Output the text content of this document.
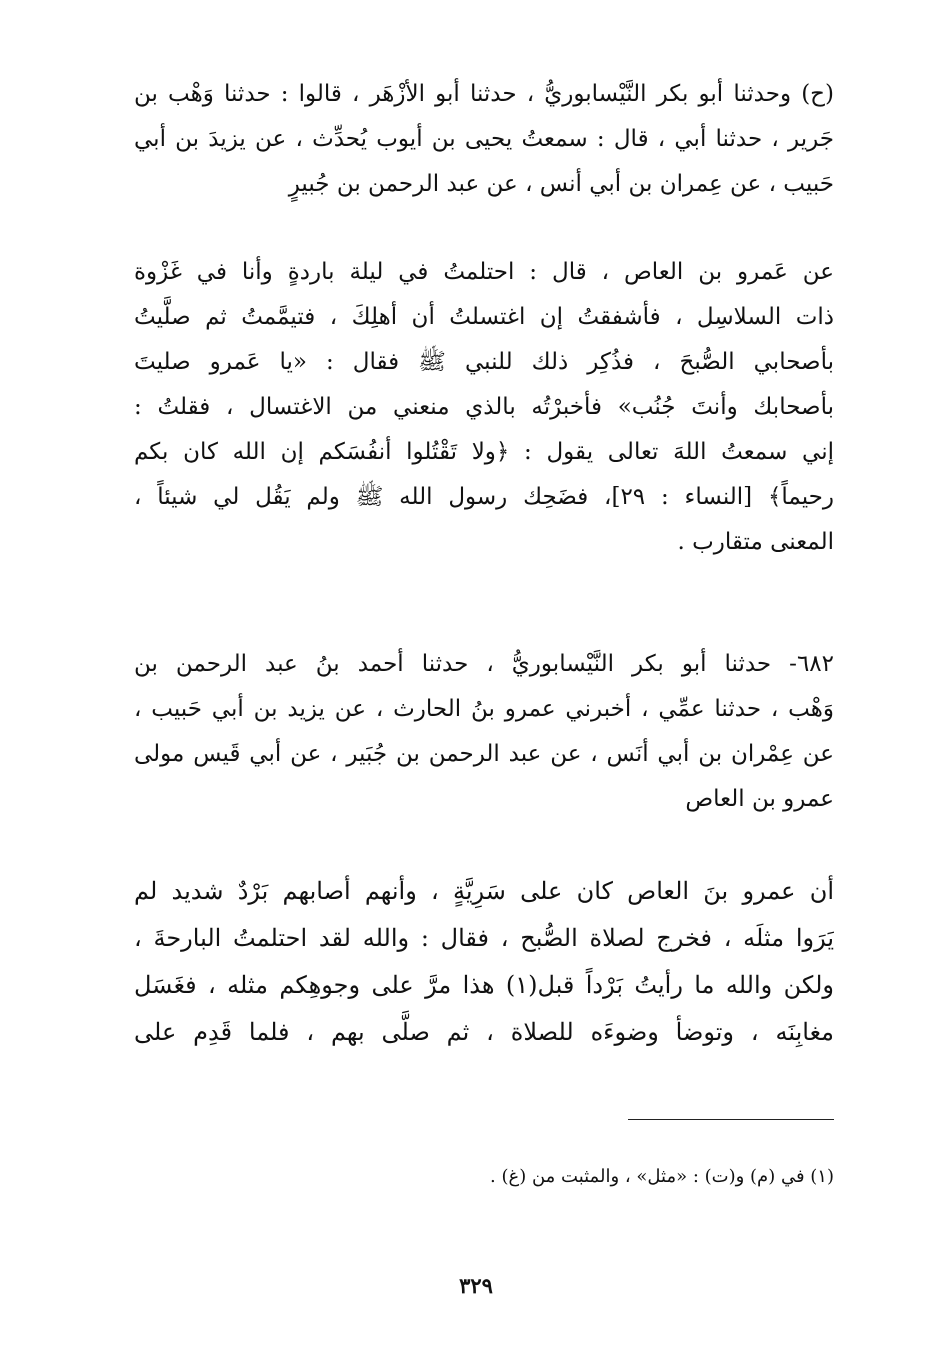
(ح) وحدثنا أبو بكر النَّيْسابوريُّ ، حدثنا أبو الأزْهَر ، قالوا : حدثنا وَهْب بن
جَرير ، حدثنا أبي ، قال : سمعتُ يحيى بن أيوب يُحدِّث ، عن يزيدَ بن أبي
حَبيب ، عن عِمران بن أبي أنس ، عن عبد الرحمن بن جُبيرٍ
عن عَمرو بن العاص ، قال : احتلمتُ في ليلة باردةٍ وأنا في غَزْوة
ذات السلاسِل ، فأشفقتُ إن اغتسلتُ أن أهلِكَ ، فتيمَّمتُ ثم صلَّيتُ
بأصحابي الصُّبحَ ، فذُكِر ذلك للنبي ﷺ فقال : «يا عَمرو صليتَ
بأصحابك وأنتَ جُنُب» فأخبرْتُه بالذي منعني من الاغتسال ، فقلتُ :
إني سمعتُ اللهَ تعالى يقول : ﴿ولا تَقْتُلوا أنفُسَكم إن الله كان بكم
رحيماً﴾ [النساء : ٢٩]، فضَحِك رسول الله ﷺ ولم يَقُل لي شيئاً ،
المعنى متقارب .
٦٨٢- حدثنا أبو بكر النَّيْسابوريُّ ، حدثنا أحمد بنُ عبد الرحمن بن
وَهْب ، حدثنا عمِّي ، أخبرني عمرو بنُ الحارث ، عن يزيد بن أبي حَبيب ،
عن عِمْران بن أبي أنَس ، عن عبد الرحمن بن جُبَير ، عن أبي قَيس مولى
عمرو بن العاص
أن عمرو بنَ العاص كان على سَرِيَّةٍ ، وأنهم أصابهم بَرْدٌ شديد لم
يَرَوا مثلَه ، فخرج لصلاة الصُّبح ، فقال : والله لقد احتلمتُ البارحةَ ،
ولكن والله ما رأيتُ بَرْداً قبل(١) هذا مرَّ على وجوهِكم مثله ، فغَسَل
مغابِنَه ، وتوضأ وضوءَه للصلاة ، ثم صلَّى بهم ، فلما قَدِم على
(١) في (م) و(ت) : «مثل» ، والمثبت من (غ) .
٣٢٩
